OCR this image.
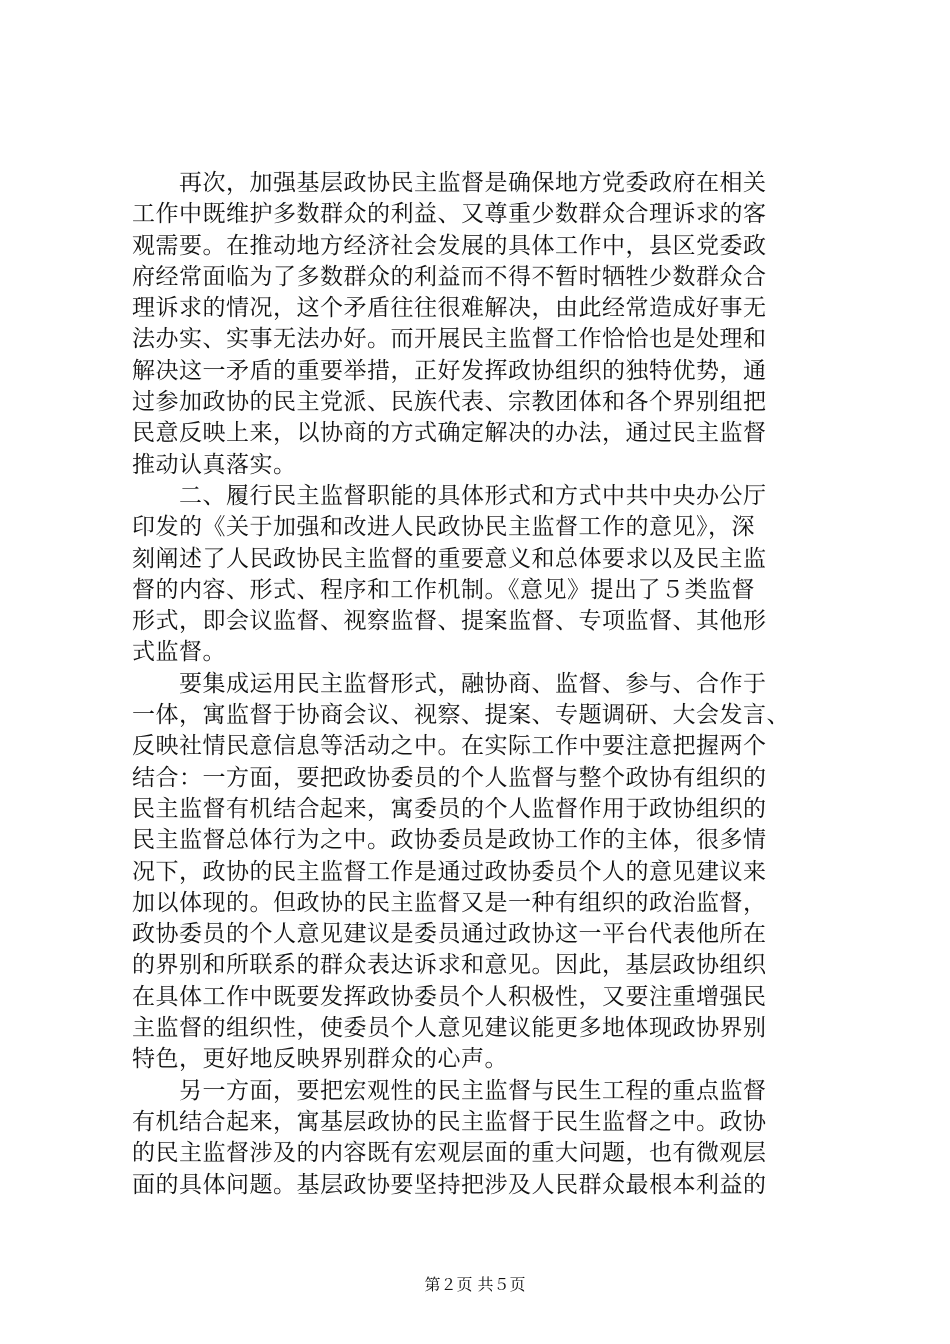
　　再次，加强基层政协民主监督是确保地方党委政府在相关
工作中既维护多数群众的利益、又尊重少数群众合理诉求的客
观需要。在推动地方经济社会发展的具体工作中，县区党委政
府经常面临为了多数群众的利益而不得不暂时牺牲少数群众合
理诉求的情况，这个矛盾往往很难解决，由此经常造成好事无
法办实、实事无法办好。而开展民主监督工作恰恰也是处理和
解决这一矛盾的重要举措，正好发挥政协组织的独特优势，通
过参加政协的民主党派、民族代表、宗教团体和各个界别组把
民意反映上来，以协商的方式确定解决的办法，通过民主监督
推动认真落实。
　　二、履行民主监督职能的具体形式和方式中共中央办公厅
印发的《关于加强和改进人民政协民主监督工作的意见》，深
刻阐述了人民政协民主监督的重要意义和总体要求以及民主监
督的内容、形式、程序和工作机制。《意见》提出了５类监督
形式，即会议监督、视察监督、提案监督、专项监督、其他形
式监督。
　　要集成运用民主监督形式，融协商、监督、参与、合作于
一体，寓监督于协商会议、视察、提案、专题调研、大会发言、
反映社情民意信息等活动之中。在实际工作中要注意把握两个
结合：一方面，要把政协委员的个人监督与整个政协有组织的
民主监督有机结合起来，寓委员的个人监督作用于政协组织的
民主监督总体行为之中。政协委员是政协工作的主体，很多情
况下，政协的民主监督工作是通过政协委员个人的意见建议来
加以体现的。但政协的民主监督又是一种有组织的政治监督，
政协委员的个人意见建议是委员通过政协这一平台代表他所在
的界别和所联系的群众表达诉求和意见。因此，基层政协组织
在具体工作中既要发挥政协委员个人积极性，又要注重增强民
主监督的组织性，使委员个人意见建议能更多地体现政协界别
特色，更好地反映界别群众的心声。
　　另一方面，要把宏观性的民主监督与民生工程的重点监督
有机结合起来，寓基层政协的民主监督于民生监督之中。政协
的民主监督涉及的内容既有宏观层面的重大问题，也有微观层
面的具体问题。基层政协要坚持把涉及人民群众最根本利益的
第２页 共５页
